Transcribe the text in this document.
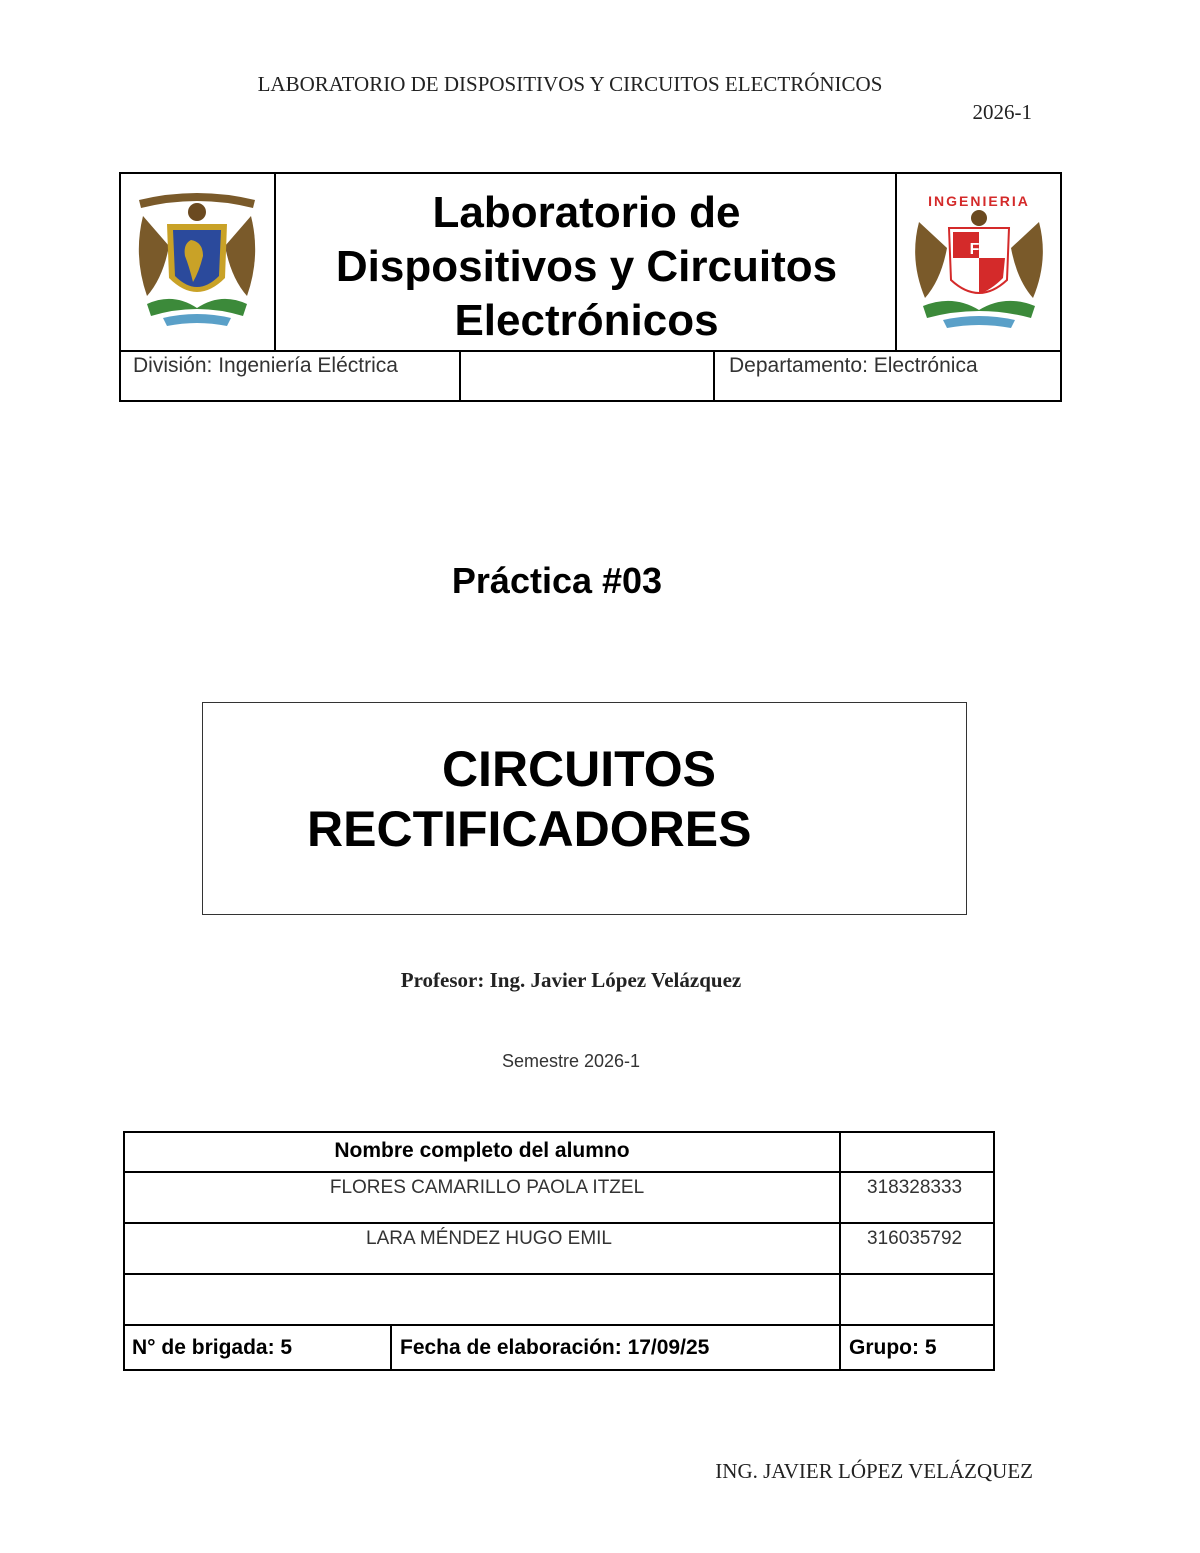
LABORATORIO DE DISPOSITIVOS Y CIRCUITOS ELECTRÓNICOS
2026-1
Laboratorio de
Dispositivos y Circuitos
Electrónicos
INGENIERIA
F I
División: Ingeniería Eléctrica	Departamento: Electrónica
Práctica #03
CIRCUITOS
RECTIFICADORES
Profesor: Ing. Javier López Velázquez
Semestre 2026-1
Nombre completo del alumno
FLORES CAMARILLO PAOLA ITZEL	318328333
LARA MÉNDEZ HUGO EMIL	316035792
N° de brigada: 5	Fecha de elaboración: 17/09/25	Grupo: 5
ING. JAVIER LÓPEZ VELÁZQUEZ
